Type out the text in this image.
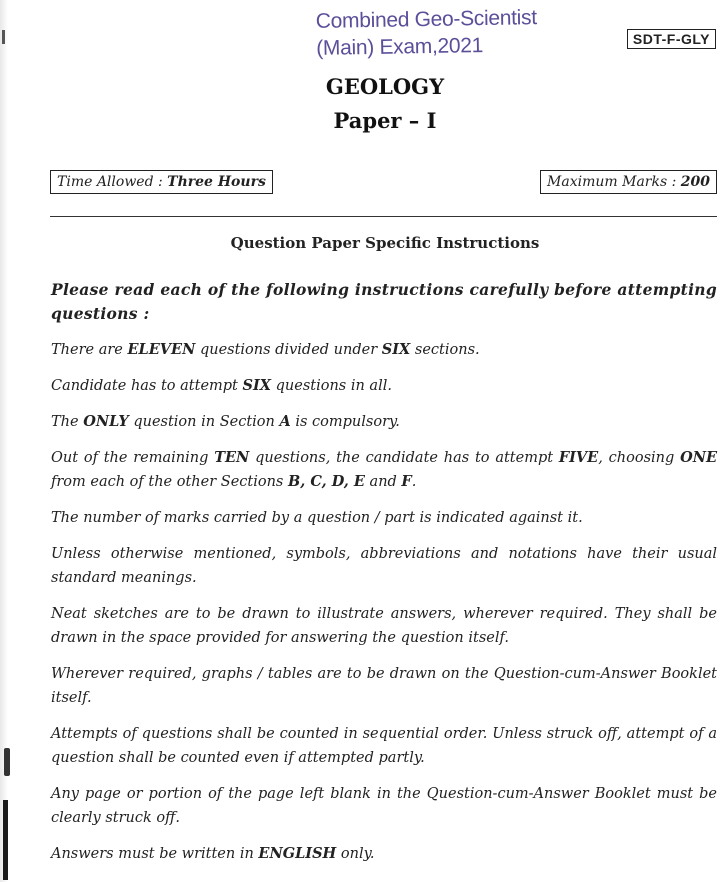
Combined Geo-Scientist
(Main) Exam,2021	SDT-F-GLY
GEOLOGY
Paper – I
Time Allowed : Three Hours	Maximum Marks : 200
Question Paper Specific Instructions

Please read each of the following instructions carefully before attempting questions :

There are ELEVEN questions divided under SIX sections.

Candidate has to attempt SIX questions in all.

The ONLY question in Section A is compulsory.

Out of the remaining TEN questions, the candidate has to attempt FIVE, choosing ONE from each of the other Sections B, C, D, E and F.

The number of marks carried by a question / part is indicated against it.

Unless otherwise mentioned, symbols, abbreviations and notations have their usual standard meanings.

Neat sketches are to be drawn to illustrate answers, wherever required. They shall be drawn in the space provided for answering the question itself.

Wherever required, graphs / tables are to be drawn on the Question-cum-Answer Booklet itself.

Attempts of questions shall be counted in sequential order. Unless struck off, attempt of a question shall be counted even if attempted partly.

Any page or portion of the page left blank in the Question-cum-Answer Booklet must be clearly struck off.

Answers must be written in ENGLISH only.
